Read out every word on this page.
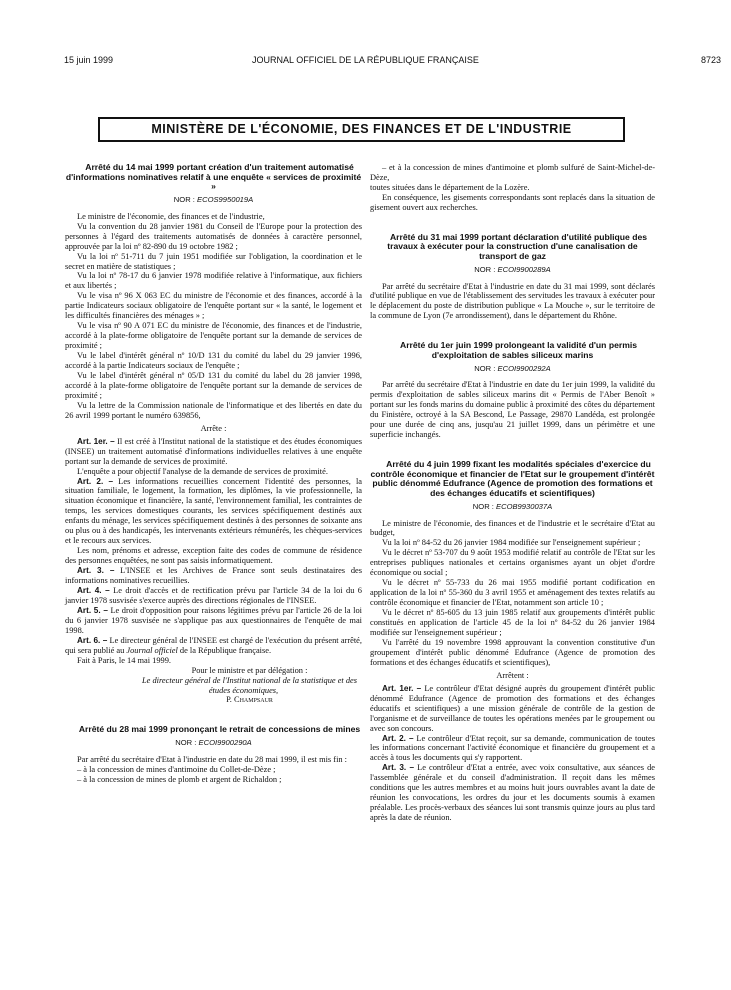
15 juin 1999	JOURNAL OFFICIEL DE LA RÉPUBLIQUE FRANÇAISE	8723
MINISTÈRE DE L'ÉCONOMIE, DES FINANCES ET DE L'INDUSTRIE

Arrêté du 14 mai 1999 portant création d'un traitement automatisé d'informations nominatives relatif à une enquête « services de proximité »

NOR : ECOS9950019A

Le ministre de l'économie, des finances et de l'industrie,

Vu la convention du 28 janvier 1981 du Conseil de l'Europe pour la protection des personnes à l'égard des traitements automatisés de données à caractère personnel, approuvée par la loi nº 82-890 du 19 octobre 1982 ;

Vu la loi nº 51-711 du 7 juin 1951 modifiée sur l'obligation, la coordination et le secret en matière de statistiques ;

Vu la loi nº 78-17 du 6 janvier 1978 modifiée relative à l'informatique, aux fichiers et aux libertés ;

Vu le visa nº 96 X 063 EC du ministre de l'économie et des finances, accordé à la partie Indicateurs sociaux obligatoire de l'enquête portant sur « la santé, le logement et les difficultés financières des ménages » ;

Vu le visa nº 90 A 071 EC du ministre de l'économie, des finances et de l'industrie, accordé à la plate-forme obligatoire de l'enquête portant sur la demande de services de proximité ;

Vu le label d'intérêt général nº 10/D 131 du comité du label du 29 janvier 1996, accordé à la partie Indicateurs sociaux de l'enquête ;

Vu le label d'intérêt général nº 05/D 131 du comité du label du 28 janvier 1998, accordé à la plate-forme obligatoire de l'enquête portant sur la demande de services de proximité ;

Vu la lettre de la Commission nationale de l'informatique et des libertés en date du 26 avril 1999 portant le numéro 639856,

Arrête :

Art. 1er. – Il est créé à l'Institut national de la statistique et des études économiques (INSEE) un traitement automatisé d'informations individuelles relatives à une enquête portant sur la demande de services de proximité.

L'enquête a pour objectif l'analyse de la demande de services de proximité.

Art. 2. – Les informations recueillies concernent l'identité des personnes, la situation familiale, le logement, la formation, les diplômes, la vie professionnelle, la situation économique et financière, la santé, l'environnement familial, les contraintes de temps, les services domestiques courants, les services spécifiquement destinés aux enfants du ménage, les services spécifiquement destinés à des personnes de soixante ans ou plus ou à des handicapés, les intervenants extérieurs rémunérés, les chèques-services et le recours aux services.

Les nom, prénoms et adresse, exception faite des codes de commune de résidence des personnes enquêtées, ne sont pas saisis informatiquement.

Art. 3. – L'INSEE et les Archives de France sont seuls destinataires des informations nominatives recueillies.

Art. 4. – Le droit d'accès et de rectification prévu par l'article 34 de la loi du 6 janvier 1978 susvisée s'exerce auprès des directions régionales de l'INSEE.

Art. 5. – Le droit d'opposition pour raisons légitimes prévu par l'article 26 de la loi du 6 janvier 1978 susvisée ne s'applique pas aux questionnaires de l'enquête de mai 1998.

Art. 6. – Le directeur général de l'INSEE est chargé de l'exécution du présent arrêté, qui sera publié au Journal officiel de la République française.

Fait à Paris, le 14 mai 1999.

Pour le ministre et par délégation :

Le directeur général de l'Institut national de la statistique et des études économiques,

P. Champsaur

Arrêté du 28 mai 1999 prononçant le retrait de concessions de mines

NOR : ECOI9900290A

Par arrêté du secrétaire d'Etat à l'industrie en date du 28 mai 1999, il est mis fin :

– à la concession de mines d'antimoine du Collet-de-Dèze ;

– à la concession de mines de plomb et argent de Richaldon ;

– et à la concession de mines d'antimoine et plomb sulfuré de Saint-Michel-de-Dèze,

toutes situées dans le département de la Lozère.

En conséquence, les gisements correspondants sont replacés dans la situation de gisement ouvert aux recherches.

Arrêté du 31 mai 1999 portant déclaration d'utilité publique des travaux à exécuter pour la construction d'une canalisation de transport de gaz

NOR : ECOI9900289A

Par arrêté du secrétaire d'Etat à l'industrie en date du 31 mai 1999, sont déclarés d'utilité publique en vue de l'établissement des servitudes les travaux à exécuter pour le déplacement du poste de distribution publique « La Mouche », sur le territoire de la commune de Lyon (7e arrondissement), dans le département du Rhône.

Arrêté du 1er juin 1999 prolongeant la validité d'un permis d'exploitation de sables siliceux marins

NOR : ECOI9900292A

Par arrêté du secrétaire d'Etat à l'industrie en date du 1er juin 1999, la validité du permis d'exploitation de sables siliceux marins dit « Permis de l'Aber Benoît » portant sur les fonds marins du domaine public à proximité des côtes du département du Finistère, octroyé à la SA Bescond, Le Passage, 29870 Landéda, est prolongée pour une durée de cinq ans, jusqu'au 21 juillet 1999, dans un périmètre et une superficie inchangés.

Arrêté du 4 juin 1999 fixant les modalités spéciales d'exercice du contrôle économique et financier de l'Etat sur le groupement d'intérêt public dénommé Edufrance (Agence de promotion des formations et des échanges éducatifs et scientifiques)

NOR : ECOB9930037A

Le ministre de l'économie, des finances et de l'industrie et le secrétaire d'Etat au budget,

Vu la loi nº 84-52 du 26 janvier 1984 modifiée sur l'enseignement supérieur ;

Vu le décret nº 53-707 du 9 août 1953 modifié relatif au contrôle de l'Etat sur les entreprises publiques nationales et certains organismes ayant un objet d'ordre économique ou social ;

Vu le décret nº 55-733 du 26 mai 1955 modifié portant codification en application de la loi nº 55-360 du 3 avril 1955 et aménagement des textes relatifs au contrôle économique et financier de l'Etat, notamment son article 10 ;

Vu le décret nº 85-605 du 13 juin 1985 relatif aux groupements d'intérêt public constitués en application de l'article 45 de la loi nº 84-52 du 26 janvier 1984 modifiée sur l'enseignement supérieur ;

Vu l'arrêté du 19 novembre 1998 approuvant la convention constitutive d'un groupement d'intérêt public dénommé Edufrance (Agence de promotion des formations et des échanges éducatifs et scientifiques),

Arrêtent :

Art. 1er. – Le contrôleur d'Etat désigné auprès du groupement d'intérêt public dénommé Edufrance (Agence de promotion des formations et des échanges éducatifs et scientifiques) a une mission générale de contrôle de la gestion de l'organisme et de surveillance de toutes les opérations menées par le groupement ou avec son concours.

Art. 2. – Le contrôleur d'Etat reçoit, sur sa demande, communication de toutes les informations concernant l'activité économique et financière du groupement et a accès à tous les documents qui s'y rapportent.

Art. 3. – Le contrôleur d'Etat a entrée, avec voix consultative, aux séances de l'assemblée générale et du conseil d'administration. Il reçoit dans les mêmes conditions que les autres membres et au moins huit jours ouvrables avant la date de réunion les convocations, les ordres du jour et les documents soumis à examen préalable. Les procès-verbaux des séances lui sont transmis quinze jours au plus tard après la date de réunion.
